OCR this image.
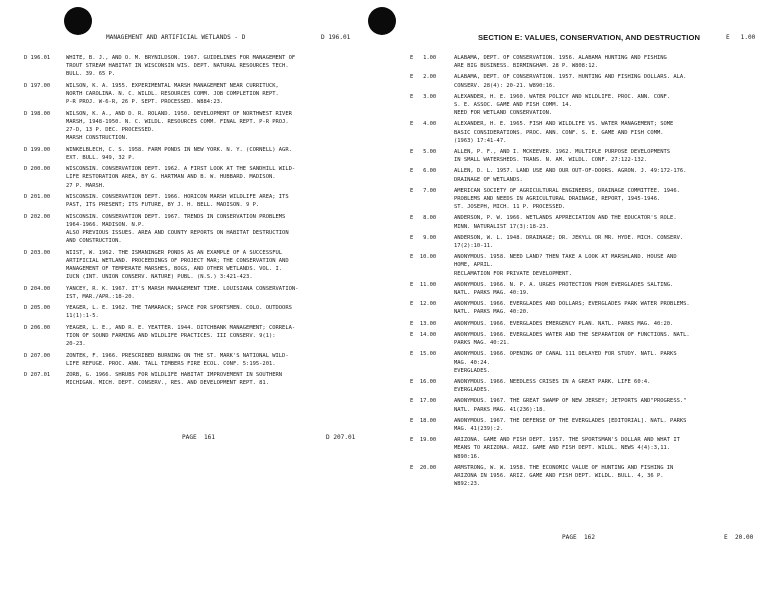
MANAGEMENT AND ARTIFICIAL WETLANDS - D	D 196.01
D 196.01	WHITE, B. J., AND O. M. BRYNILDSON. 1967. GUIDELINES FOR MANAGEMENT OF
TROUT STREAM HABITAT IN WISCONSIN WIS. DEPT. NATURAL RESOURCES TECH.
BULL. 39. 65 P.
D 197.00	WILSON, K. A. 1955. EXPERIMENTAL MARSH MANAGEMENT NEAR CURRITUCK,
NORTH CAROLINA. N. C. WILDL. RESOURCES COMM. JOB COMPLETION REPT.
P-R PROJ. W-6-R, 26 P. SEPT. PROCESSED. W884:23.
D 198.00	WILSON, K. A., AND D. R. ROLAND. 1950. DEVELOPMENT OF NORTHWEST RIVER
MARSH, 1948-1950. N. C. WILDL. RESOURCES COMM. FINAL REPT. P-R PROJ.
27-D, 13 P. DEC. PROCESSED.
MARSH CONSTRUCTION.
D 199.00	WINKELBLECH, C. S. 1958. FARM PONDS IN NEW YORK. N. Y. (CORNELL) AGR.
EXT. BULL. 949, 32 P.
D 200.00	WISCONSIN. CONSERVATION DEPT. 1962. A FIRST LOOK AT THE SANDHILL WILD-
LIFE RESTORATION AREA, BY G. HARTMAN AND B. W. HUBBARD. MADISON.
27 P. MARSH.
D 201.00	WISCONSIN. CONSERVATION DEPT. 1966. HORICON MARSH WILDLIFE AREA; ITS
PAST, ITS PRESENT; ITS FUTURE, BY J. H. BELL. MADISON. 9 P.
D 202.00	WISCONSIN. CONSERVATION DEPT. 1967. TRENDS IN CONSERVATION PROBLEMS
1964-1966. MADISON. N.P.
ALSO PREVIOUS ISSUES. AREA AND COUNTY REPORTS ON HABITAT DESTRUCTION
AND CONSTRUCTION.
D 203.00	WIIST, W. 1962. THE ISMANINGER PONDS AS AN EXAMPLE OF A SUCCESSFUL
ARTIFICIAL WETLAND. PROCEEDINGS OF PROJECT MAR; THE CONSERVATION AND
MANAGEMENT OF TEMPERATE MARSHES, BOGS, AND OTHER WETLANDS. VOL. I.
IUCN (INT. UNION CONSERV. NATURE) PUBL. (N.S.) 3:421-423.
D 204.00	YANCEY, R. K. 1967. IT'S MARSH MANAGEMENT TIME. LOUISIANA CONSERVATION-
IST, MAR./APR.:18-20.
D 205.00	YEAGER, L. E. 1962. THE TAMARACK; SPACE FOR SPORTSMEN. COLO. OUTDOORS
11(1):1-5.
D 206.00	YEAGER, L. E., AND R. E. YEATTER. 1944. DITCHBANK MANAGEMENT; CORRELA-
TION OF SOUND FARMING AND WILDLIFE PRACTICES. III CONSERV. 9(1):
20-23.
D 207.00	ZONTEK, F. 1966. PRESCRIBED BURNING ON THE ST. MARK'S NATIONAL WILD-
LIFE REFUGE. PROC. ANN. TALL TIMBERS FIRE ECOL. CONF. 5:195-201.
D 207.01	ZORB, G. 1966. SHRUBS FOR WILDLIFE HABITAT IMPROVEMENT IN SOUTHERN
MICHIGAN. MICH. DEPT. CONSERV., RES. AND DEVELOPMENT REPT. 81.
PAGE  161	D 207.01
SECTION E: VALUES, CONSERVATION, AND DESTRUCTION	E   1.00
E   1.00	ALABAMA, DEPT. OF CONSERVATION. 1956. ALABAMA HUNTING AND FISHING
ARE BIG BUSINESS. BIRMINGHAM. 28 P. W808:12.
E   2.00	ALABAMA, DEPT. OF CONSERVATION. 1957. HUNTING AND FISHING DOLLARS. ALA.
CONSERV. 28(4): 20-21. W890:16.
E   3.00	ALEXANDER, H. E. 1960. WATER POLICY AND WILDLIFE. PROC. ANN. CONF.
S. E. ASSOC. GAME AND FISH COMM. 14.
NEED FOR WETLAND CONSERVATION.
E   4.00	ALEXANDER, H. E. 1965. FISH AND WILDLIFE VS. WATER MANAGEMENT; SOME
BASIC CONSIDERATIONS. PROC. ANN. CONF. S. E. GAME AND FISH COMM.
(1963) 17:41-47.
E   5.00	ALLEN, P. F., AND I. MCKEEVER. 1962. MULTIPLE PURPOSE DEVELOPMENTS
IN SMALL WATERSHEDS. TRANS. N. AM. WILDL. CONF. 27:122-132.
E   6.00	ALLEN, D. L. 1957. LAND USE AND OUR OUT-OF-DOORS. AGRON. J. 49:172-176.
DRAINAGE OF WETLANDS.
E   7.00	AMERICAN SOCIETY OF AGRICULTURAL ENGINEERS, DRAINAGE COMMITTEE. 1946.
PROBLEMS AND NEEDS IN AGRICULTURAL DRAINAGE, REPORT, 1945-1946.
ST. JOSEPH, MICH. 11 P. PROCESSED.
E   8.00	ANDERSON, P. W. 1966. WETLANDS APPRECIATION AND THE EDUCATOR'S ROLE.
MINN. NATURALIST 17(3):18-23.
E   9.00	ANDERSON, W. L. 1948. DRAINAGE; DR. JEKYLL OR MR. HYDE. MICH. CONSERV.
17(2):10-11.
E  10.00	ANONYMOUS. 1958. NEED LAND? THEN TAKE A LOOK AT MARSHLAND. HOUSE AND
HOME, APRIL.
RECLAMATION FOR PRIVATE DEVELOPMENT.
E  11.00	ANONYMOUS. 1966. N. P. A. URGES PROTECTION FROM EVERGLADES SALTING.
NATL. PARKS MAG. 40:19.
E  12.00	ANONYMOUS. 1966. EVERGLADES AND DOLLARS; EVERGLADES PARK WATER PROBLEMS.
NATL. PARKS MAG. 40:20.
E  13.00	ANONYMOUS. 1966. EVERGLADES EMERGENCY PLAN. NATL. PARKS MAG. 40:20.
E  14.00	ANONYMOUS. 1966. EVERGLADES WATER AND THE SEPARATION OF FUNCTIONS. NATL.
PARKS MAG. 40:21.
E  15.00	ANONYMOUS. 1966. OPENING OF CANAL 111 DELAYED FOR STUDY. NATL. PARKS
MAG. 40:24.
EVERGLADES.
E  16.00	ANONYMOUS. 1966. NEEDLESS CRISES IN A GREAT PARK. LIFE 60:4.
EVERGLADES.
E  17.00	ANONYMOUS. 1967. THE GREAT SWAMP OF NEW JERSEY; JETPORTS AND"PROGRESS."
NATL. PARKS MAG. 41(236):18.
E  18.00	ANONYMOUS. 1967. THE DEFENSE OF THE EVERGLADES [EDITORIAL]. NATL. PARKS
MAG. 41(239):2.
E  19.00	ARIZONA. GAME AND FISH DEPT. 1957. THE SPORTSMAN'S DOLLAR AND WHAT IT
MEANS TO ARIZONA. ARIZ. GAME AND FISH DEPT. WILDL. NEWS 4(4):3,11.
W890:16.
E  20.00	ARMSTRONG, W. W. 1958. THE ECONOMIC VALUE OF HUNTING AND FISHING IN
ARIZONA IN 1956. ARIZ. GAME AND FISH DEPT. WILDL. BULL. 4, 36 P.
W892:23.
PAGE  162	E  20.00
